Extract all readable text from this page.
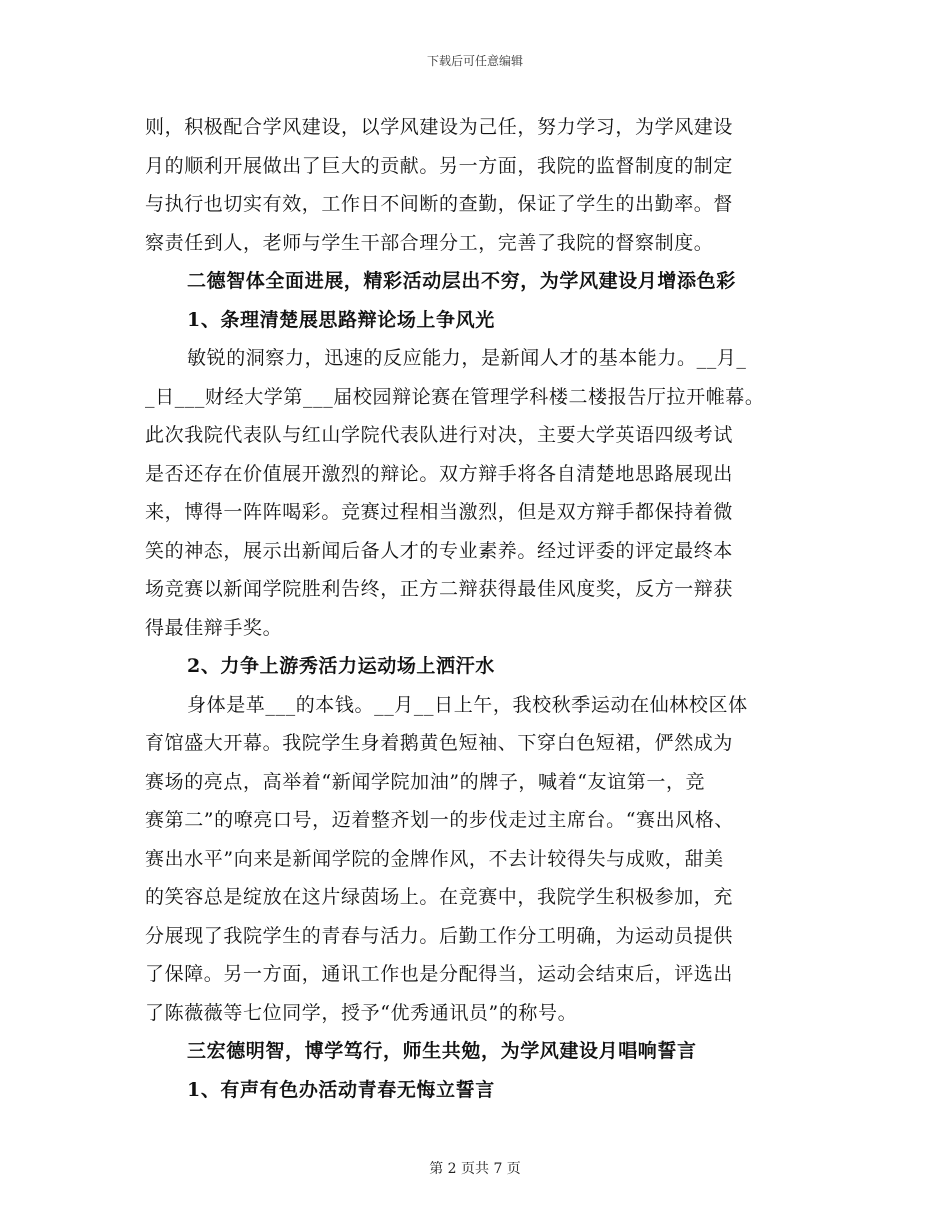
下载后可任意编辑
则，积极配合学风建设，以学风建设为己任，努力学习，为学风建设
月的顺利开展做出了巨大的贡献。另一方面，我院的监督制度的制定
与执行也切实有效，工作日不间断的查勤，保证了学生的出勤率。督
察责任到人，老师与学生干部合理分工，完善了我院的督察制度。
二德智体全面进展，精彩活动层出不穷，为学风建设月增添色彩
1、条理清楚展思路辩论场上争风光
敏锐的洞察力，迅速的反应能力，是新闻人才的基本能力。__月_
_日___财经大学第___届校园辩论赛在管理学科楼二楼报告厅拉开帷幕。
此次我院代表队与红山学院代表队进行对决，主要大学英语四级考试
是否还存在价值展开激烈的辩论。双方辩手将各自清楚地思路展现出
来，博得一阵阵喝彩。竞赛过程相当激烈，但是双方辩手都保持着微
笑的神态，展示出新闻后备人才的专业素养。经过评委的评定最终本
场竞赛以新闻学院胜利告终，正方二辩获得最佳风度奖，反方一辩获
得最佳辩手奖。
2、力争上游秀活力运动场上洒汗水
身体是革___的本钱。__月__日上午，我校秋季运动在仙林校区体
育馆盛大开幕。我院学生身着鹅黄色短袖、下穿白色短裙，俨然成为
赛场的亮点，高举着“新闻学院加油”的牌子，喊着“友谊第一，竞
赛第二”的嘹亮口号，迈着整齐划一的步伐走过主席台。“赛出风格、
赛出水平”向来是新闻学院的金牌作风，不去计较得失与成败，甜美
的笑容总是绽放在这片绿茵场上。在竞赛中，我院学生积极参加，充
分展现了我院学生的青春与活力。后勤工作分工明确，为运动员提供
了保障。另一方面，通讯工作也是分配得当，运动会结束后，评选出
了陈薇薇等七位同学，授予“优秀通讯员”的称号。
三宏德明智，博学笃行，师生共勉，为学风建设月唱响誓言
1、有声有色办活动青春无悔立誓言
第 2 页共 7 页
